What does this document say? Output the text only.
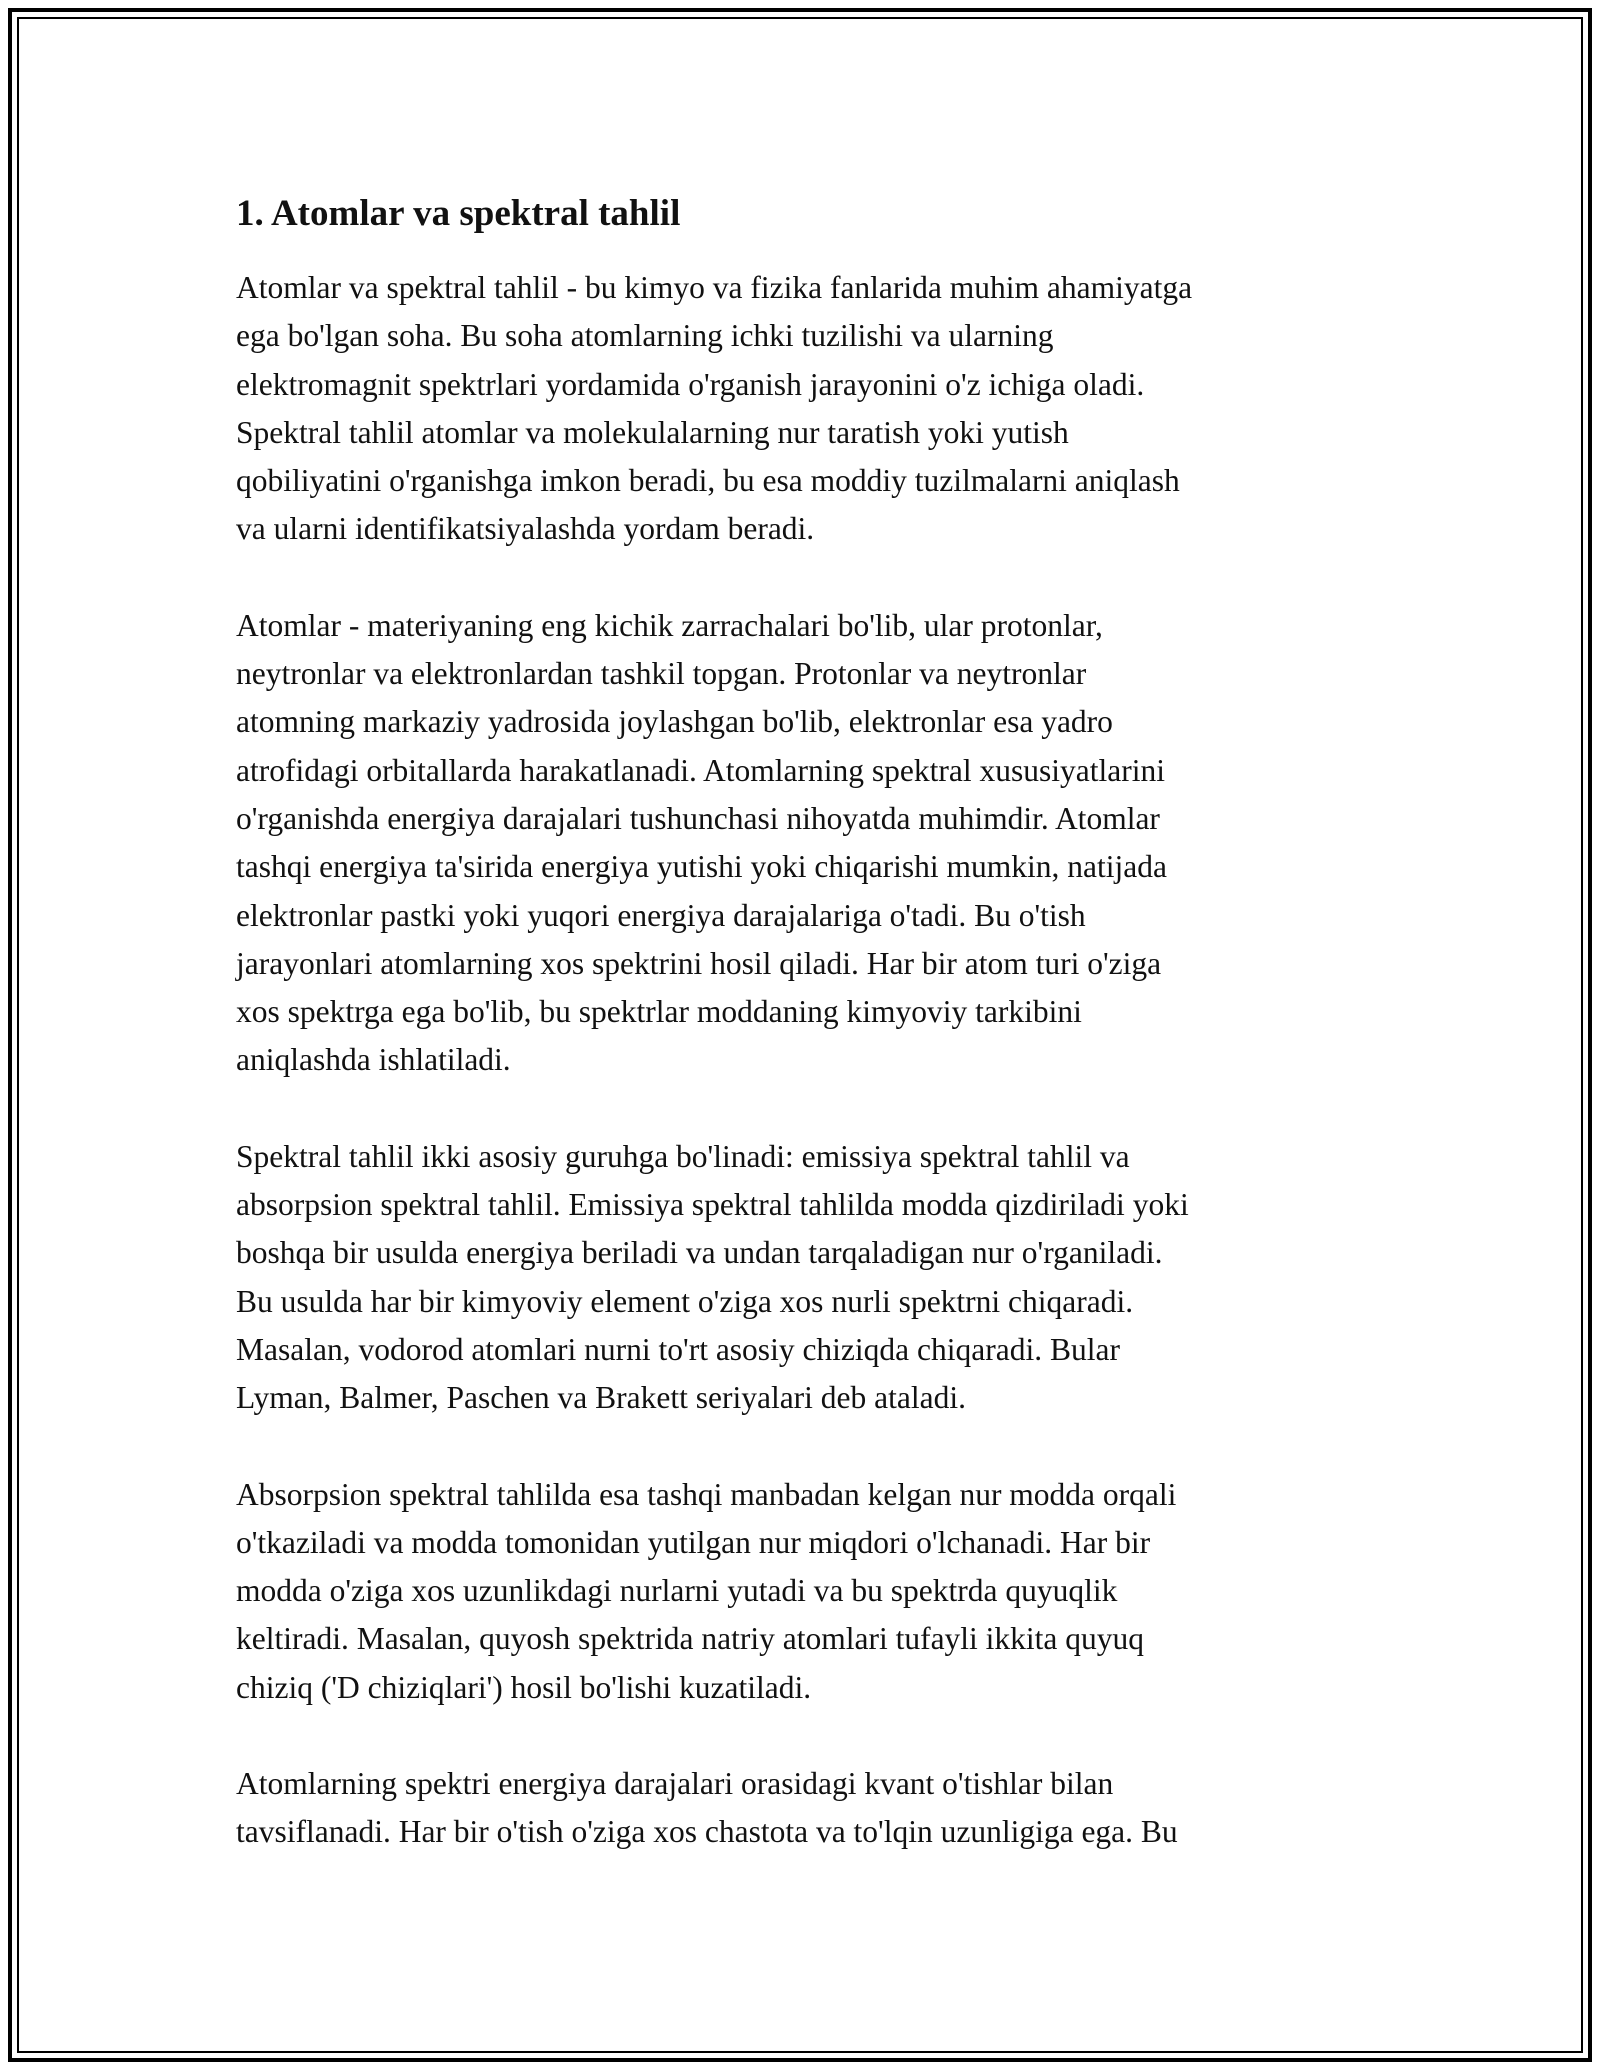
1. Atomlar va spektral tahlil

Atomlar va spektral tahlil - bu kimyo va fizika fanlarida muhim ahamiyatga
ega bo'lgan soha. Bu soha atomlarning ichki tuzilishi va ularning
elektromagnit spektrlari yordamida o'rganish jarayonini o'z ichiga oladi.
Spektral tahlil atomlar va molekulalarning nur taratish yoki yutish
qobiliyatini o'rganishga imkon beradi, bu esa moddiy tuzilmalarni aniqlash
va ularni identifikatsiyalashda yordam beradi.

Atomlar - materiyaning eng kichik zarrachalari bo'lib, ular protonlar,
neytronlar va elektronlardan tashkil topgan. Protonlar va neytronlar
atomning markaziy yadrosida joylashgan bo'lib, elektronlar esa yadro
atrofidagi orbitallarda harakatlanadi. Atomlarning spektral xususiyatlarini
o'rganishda energiya darajalari tushunchasi nihoyatda muhimdir. Atomlar
tashqi energiya ta'sirida energiya yutishi yoki chiqarishi mumkin, natijada
elektronlar pastki yoki yuqori energiya darajalariga o'tadi. Bu o'tish
jarayonlari atomlarning xos spektrini hosil qiladi. Har bir atom turi o'ziga
xos spektrga ega bo'lib, bu spektrlar moddaning kimyoviy tarkibini
aniqlashda ishlatiladi.

Spektral tahlil ikki asosiy guruhga bo'linadi: emissiya spektral tahlil va
absorpsion spektral tahlil. Emissiya spektral tahlilda modda qizdiriladi yoki
boshqa bir usulda energiya beriladi va undan tarqaladigan nur o'rganiladi.
Bu usulda har bir kimyoviy element o'ziga xos nurli spektrni chiqaradi.
Masalan, vodorod atomlari nurni to'rt asosiy chiziqda chiqaradi. Bular
Lyman, Balmer, Paschen va Brakett seriyalari deb ataladi.

Absorpsion spektral tahlilda esa tashqi manbadan kelgan nur modda orqali
o'tkaziladi va modda tomonidan yutilgan nur miqdori o'lchanadi. Har bir
modda o'ziga xos uzunlikdagi nurlarni yutadi va bu spektrda quyuqlik
keltiradi. Masalan, quyosh spektrida natriy atomlari tufayli ikkita quyuq
chiziq ('D chiziqlari') hosil bo'lishi kuzatiladi.

Atomlarning spektri energiya darajalari orasidagi kvant o'tishlar bilan
tavsiflanadi. Har bir o'tish o'ziga xos chastota va to'lqin uzunligiga ega. Bu
